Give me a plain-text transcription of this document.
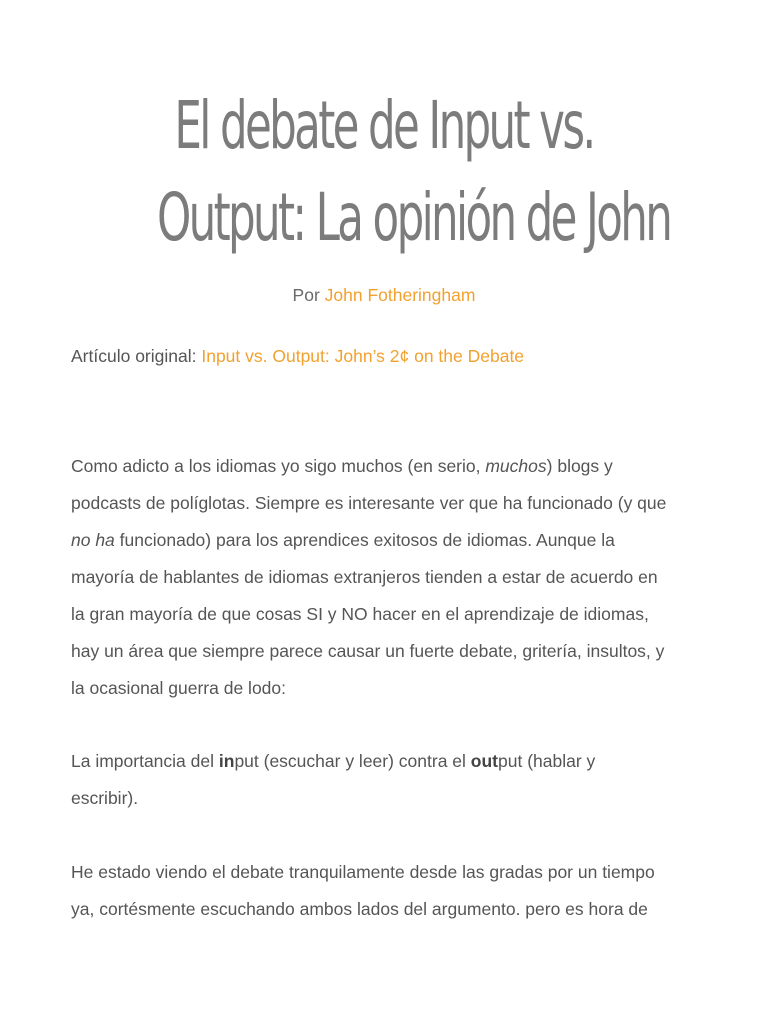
El debate de Input vs.
Output: La opinión de John
Por John Fotheringham
Artículo original: Input vs. Output: John’s 2¢ on the Debate

Como adicto a los idiomas yo sigo muchos (en serio, muchos) blogs y
podcasts de políglotas. Siempre es interesante ver que ha funcionado (y que
no ha funcionado) para los aprendices exitosos de idiomas. Aunque la
mayoría de hablantes de idiomas extranjeros tienden a estar de acuerdo en
la gran mayoría de que cosas SI y NO hacer en el aprendizaje de idiomas,
hay un área que siempre parece causar un fuerte debate, gritería, insultos, y
la ocasional guerra de lodo:

La importancia del input (escuchar y leer) contra el output (hablar y
escribir).

He estado viendo el debate tranquilamente desde las gradas por un tiempo
ya, cortésmente escuchando ambos lados del argumento. pero es hora de
